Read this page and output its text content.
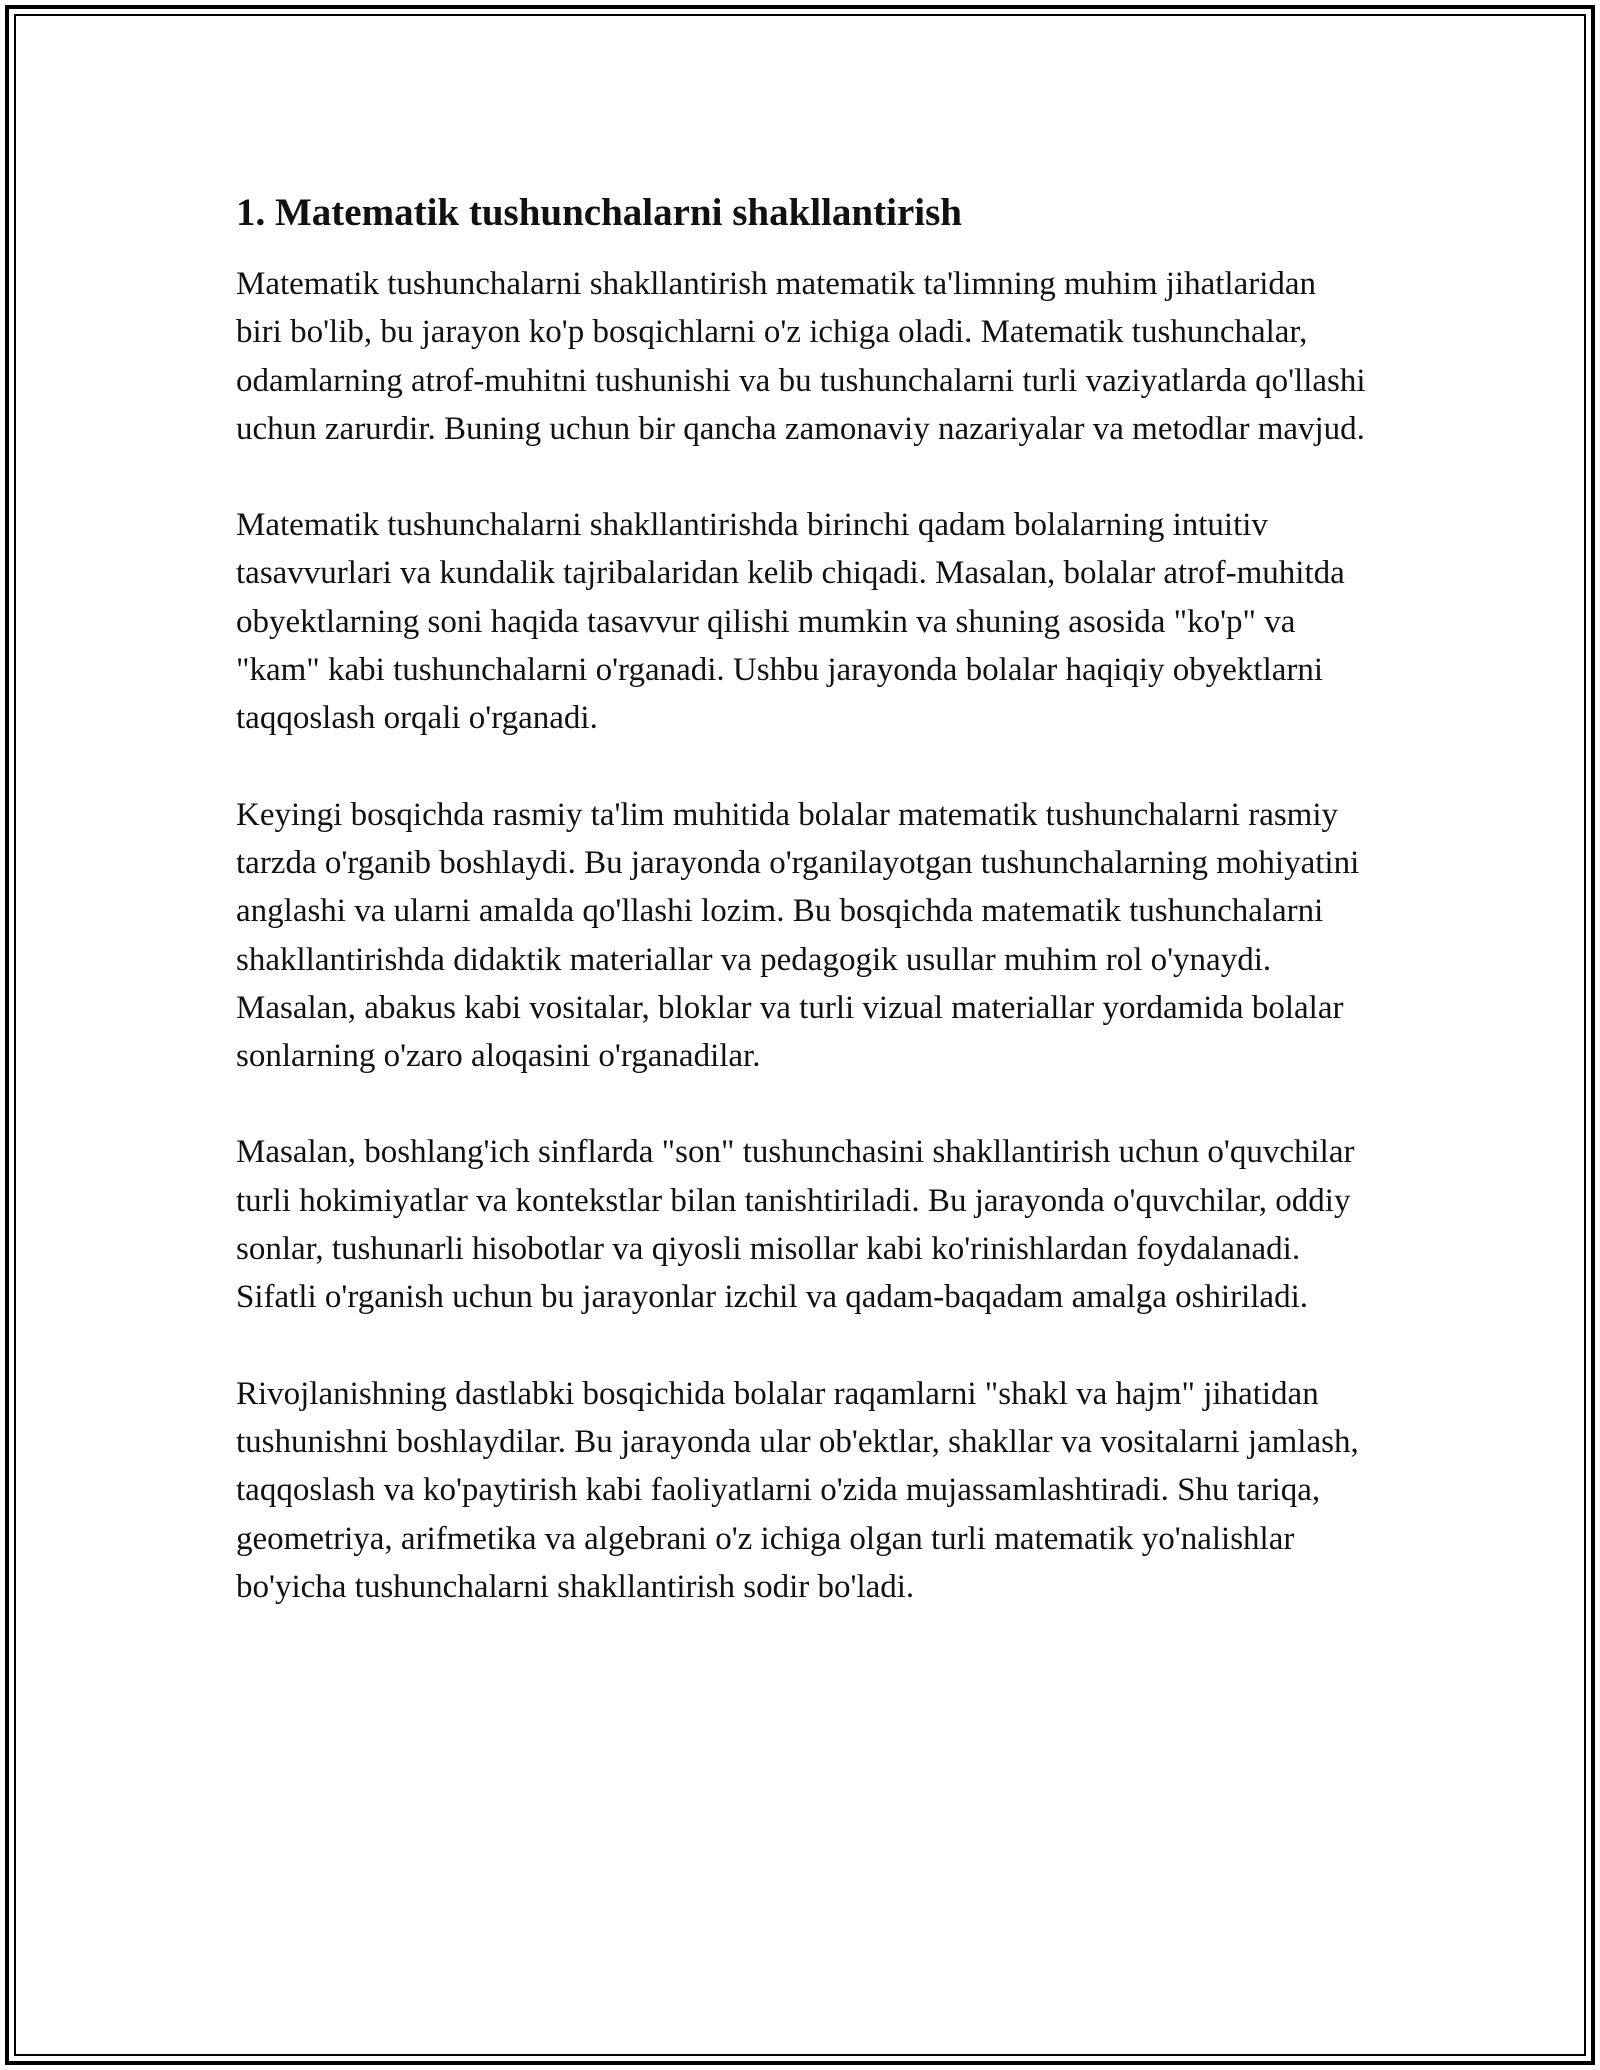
1. Matematik tushunchalarni shakllantirish

Matematik tushunchalarni shakllantirish matematik ta'limning muhim jihatlaridan biri bo'lib, bu jarayon ko'p bosqichlarni o'z ichiga oladi. Matematik tushunchalar, odamlarning atrof-muhitni tushunishi va bu tushunchalarni turli vaziyatlarda qo'llashi uchun zarurdir. Buning uchun bir qancha zamonaviy nazariyalar va metodlar mavjud.

Matematik tushunchalarni shakllantirishda birinchi qadam bolalarning intuitiv tasavvurlari va kundalik tajribalaridan kelib chiqadi. Masalan, bolalar atrof-muhitda obyektlarning soni haqida tasavvur qilishi mumkin va shuning asosida "ko'p" va "kam" kabi tushunchalarni o'rganadi. Ushbu jarayonda bolalar haqiqiy obyektlarni taqqoslash orqali o'rganadi.

Keyingi bosqichda rasmiy ta'lim muhitida bolalar matematik tushunchalarni rasmiy tarzda o'rganib boshlaydi. Bu jarayonda o'rganilayotgan tushunchalarning mohiyatini anglashi va ularni amalda qo'llashi lozim. Bu bosqichda matematik tushunchalarni shakllantirishda didaktik materiallar va pedagogik usullar muhim rol o'ynaydi. Masalan, abakus kabi vositalar, bloklar va turli vizual materiallar yordamida bolalar sonlarning o'zaro aloqasini o'rganadilar.

Masalan, boshlang'ich sinflarda "son" tushunchasini shakllantirish uchun o'quvchilar turli hokimiyatlar va kontekstlar bilan tanishtiriladi. Bu jarayonda o'quvchilar, oddiy sonlar, tushunarli hisobotlar va qiyosli misollar kabi ko'rinishlardan foydalanadi. Sifatli o'rganish uchun bu jarayonlar izchil va qadam-baqadam amalga oshiriladi.

Rivojlanishning dastlabki bosqichida bolalar raqamlarni "shakl va hajm" jihatidan tushunishni boshlaydilar. Bu jarayonda ular ob'ektlar, shakllar va vositalarni jamlash, taqqoslash va ko'paytirish kabi faoliyatlarni o'zida mujassamlashtiradi. Shu tariqa, geometriya, arifmetika va algebrani o'z ichiga olgan turli matematik yo'nalishlar bo'yicha tushunchalarni shakllantirish sodir bo'ladi.
